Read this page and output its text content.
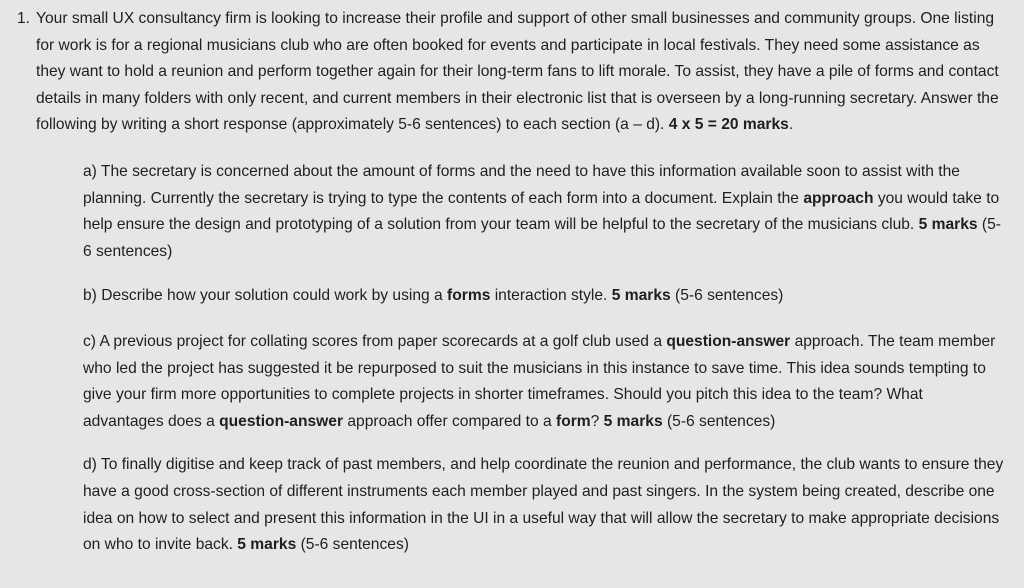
1. Your small UX consultancy firm is looking to increase their profile and support of other small businesses and community groups. One listing for work is for a regional musicians club who are often booked for events and participate in local festivals. They need some assistance as they want to hold a reunion and perform together again for their long-term fans to lift morale. To assist, they have a pile of forms and contact details in many folders with only recent, and current members in their electronic list that is overseen by a long-running secretary. Answer the following by writing a short response (approximately 5-6 sentences) to each section (a – d). 4 x 5 = 20 marks.
a) The secretary is concerned about the amount of forms and the need to have this information available soon to assist with the planning. Currently the secretary is trying to type the contents of each form into a document. Explain the approach you would take to help ensure the design and prototyping of a solution from your team will be helpful to the secretary of the musicians club. 5 marks (5-6 sentences)
b) Describe how your solution could work by using a forms interaction style. 5 marks (5-6 sentences)
c) A previous project for collating scores from paper scorecards at a golf club used a question-answer approach. The team member who led the project has suggested it be repurposed to suit the musicians in this instance to save time. This idea sounds tempting to give your firm more opportunities to complete projects in shorter timeframes. Should you pitch this idea to the team? What advantages does a question-answer approach offer compared to a form? 5 marks (5-6 sentences)
d) To finally digitise and keep track of past members, and help coordinate the reunion and performance, the club wants to ensure they have a good cross-section of different instruments each member played and past singers. In the system being created, describe one idea on how to select and present this information in the UI in a useful way that will allow the secretary to make appropriate decisions on who to invite back. 5 marks (5-6 sentences)
